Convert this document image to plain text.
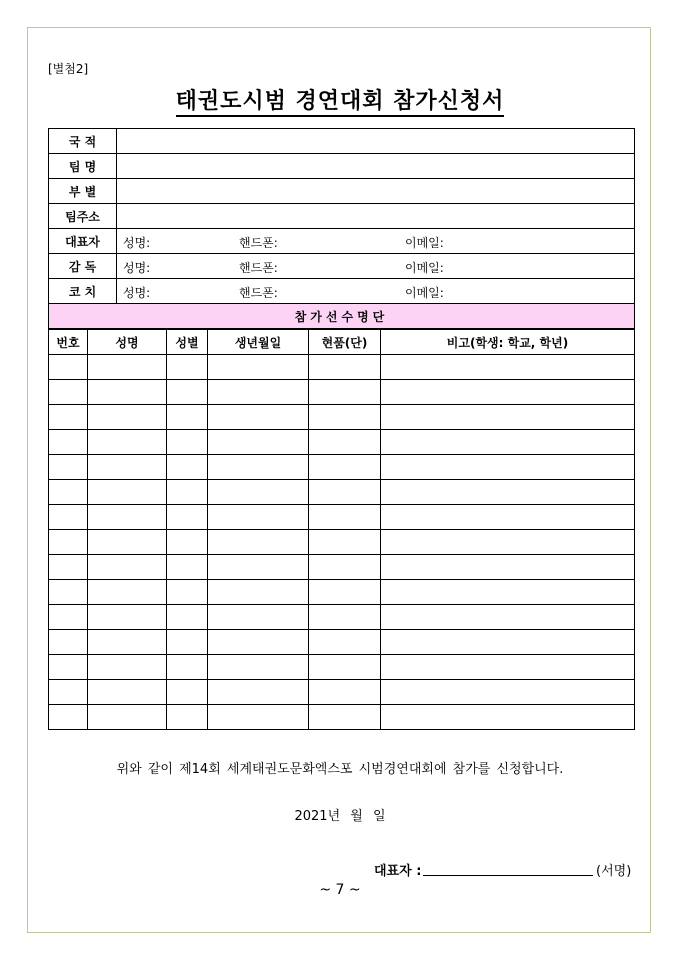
[별첨2]
태권도시범 경연대회 참가신청서
국 적	
팀 명	
부 별	
팀주소	
대표자	성명: 핸드폰: 이메일:

감 독	성명: 핸드폰: 이메일:

코 치	성명: 핸드폰: 이메일:

참가선수명단	
번호	성명	성별	생년월일	현품(단)	비고(학생: 학교, 학년)

위와 같이 제14회 세계태권도문화엑스포 시범경연대회에 참가를 신청합니다.
2021년 월 일
대표자 :	(서명)
~ 7 ~
